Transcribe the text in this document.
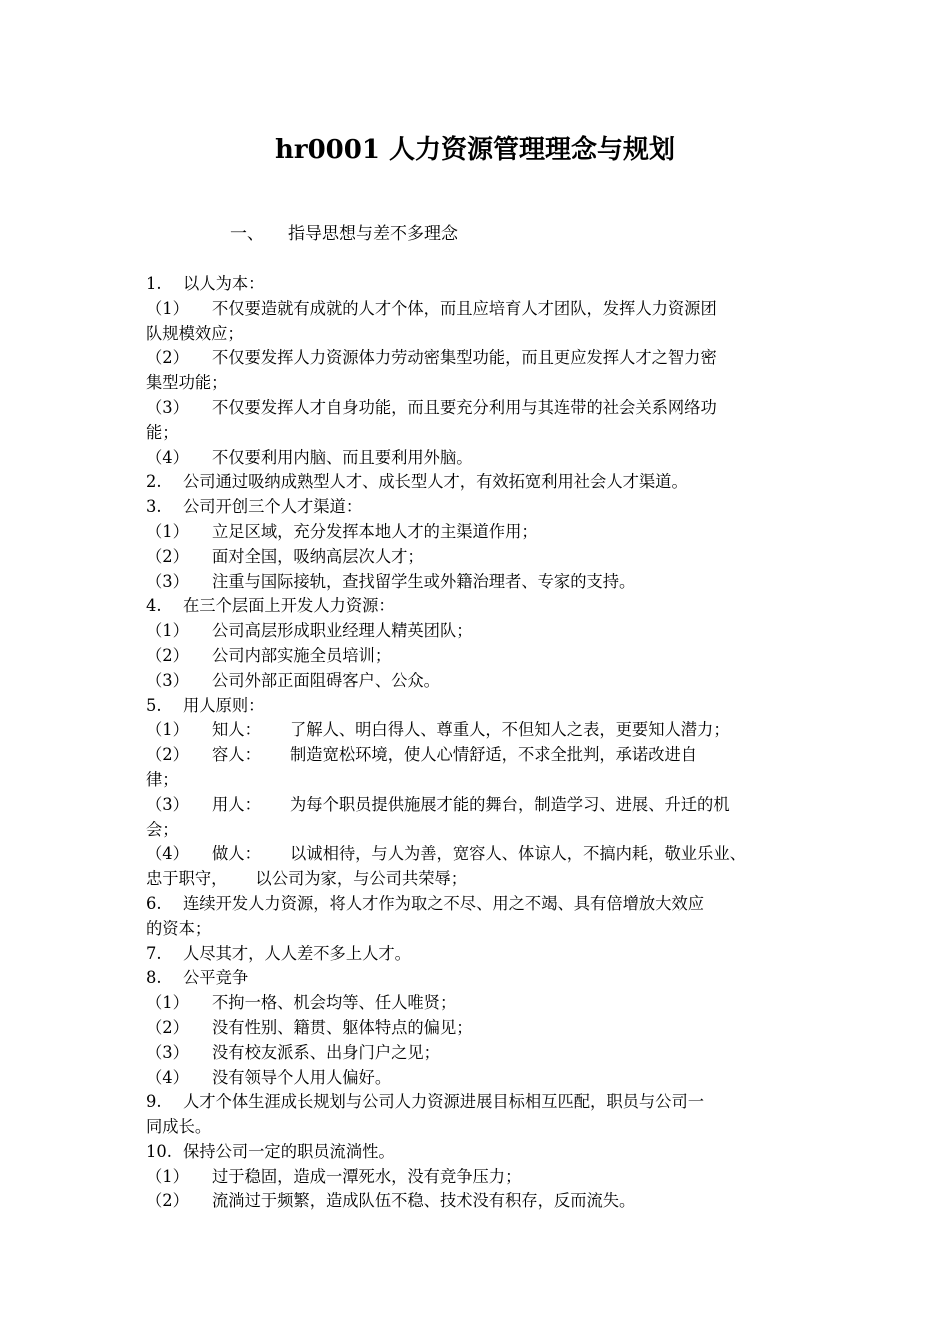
hr0001 人力资源管理理念与规划
一、 指导思想与差不多理念
1. 以人为本：
（1） 不仅要造就有成就的人才个体，而且应培育人才团队，发挥人力资源团
队规模效应；
（2） 不仅要发挥人力资源体力劳动密集型功能，而且更应发挥人才之智力密
集型功能；
（3） 不仅要发挥人才自身功能，而且要充分利用与其连带的社会关系网络功
能；
（4） 不仅要利用内脑、而且要利用外脑。
2. 公司通过吸纳成熟型人才、成长型人才，有效拓宽利用社会人才渠道。
3. 公司开创三个人才渠道：
（1） 立足区域，充分发挥本地人才的主渠道作用；
（2） 面对全国，吸纳高层次人才；
（3） 注重与国际接轨，查找留学生或外籍治理者、专家的支持。
4. 在三个层面上开发人力资源：
（1） 公司高层形成职业经理人精英团队；
（2） 公司内部实施全员培训；
（3） 公司外部正面阻碍客户、公众。
5. 用人原则：
（1） 知人： 了解人、明白得人、尊重人，不但知人之表，更要知人潜力；
（2） 容人： 制造宽松环境，使人心情舒适，不求全批判，承诺改进自
律；
（3） 用人： 为每个职员提供施展才能的舞台，制造学习、进展、升迁的机
会；
（4） 做人： 以诚相待，与人为善，宽容人、体谅人，不搞内耗，敬业乐业、
忠于职守， 以公司为家，与公司共荣辱；
6. 连续开发人力资源，将人才作为取之不尽、用之不竭、具有倍增放大效应
的资本；
7. 人尽其才，人人差不多上人才。
8. 公平竞争
（1） 不拘一格、机会均等、任人唯贤；
（2） 没有性别、籍贯、躯体特点的偏见；
（3） 没有校友派系、出身门户之见；
（4） 没有领导个人用人偏好。
9. 人才个体生涯成长规划与公司人力资源进展目标相互匹配，职员与公司一
同成长。
10. 保持公司一定的职员流淌性。
（1） 过于稳固，造成一潭死水，没有竞争压力；
（2） 流淌过于频繁，造成队伍不稳、技术没有积存，反而流失。
